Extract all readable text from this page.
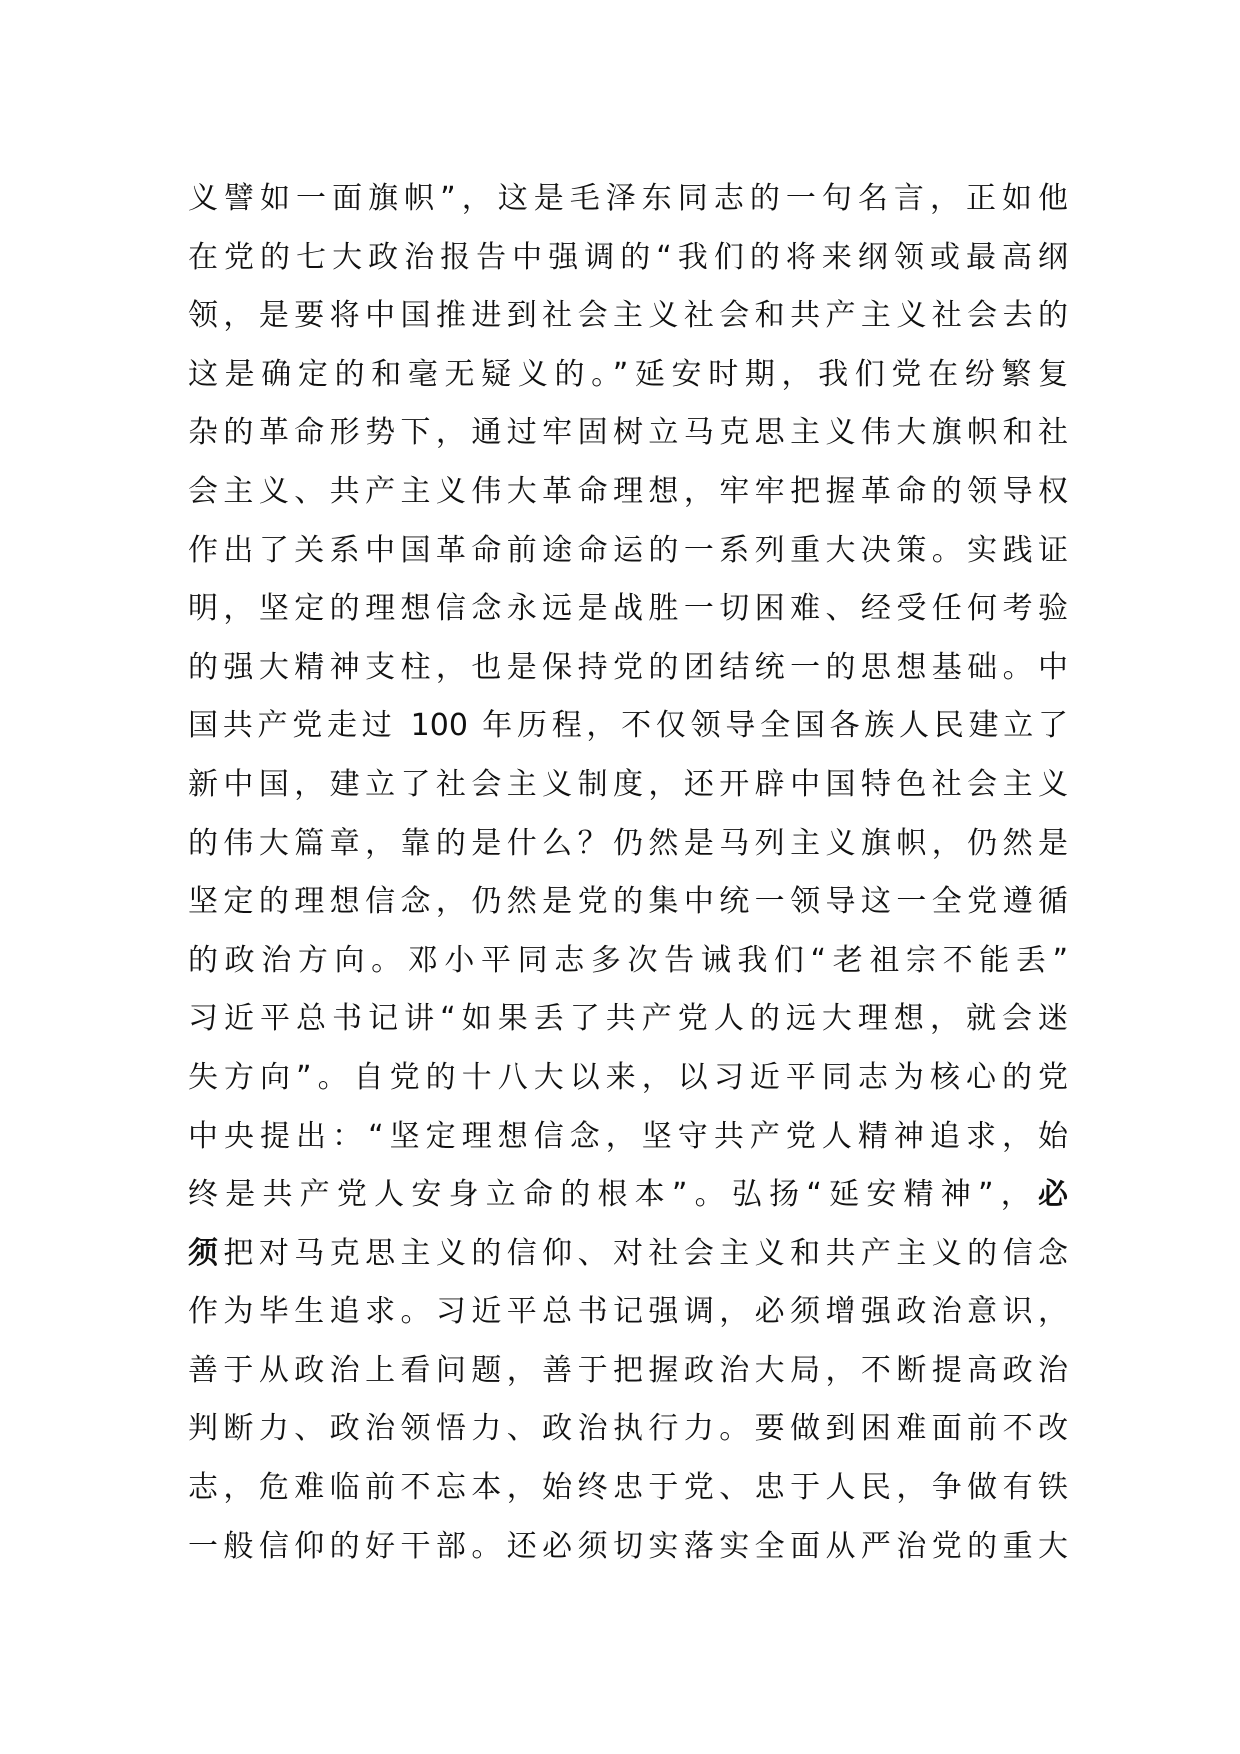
义譬如一面旗帜”，这是毛泽东同志的一句名言，正如他
在党的七大政治报告中强调的“我们的将来纲领或最高纲
领，是要将中国推进到社会主义社会和共产主义社会去的
这是确定的和毫无疑义的。”延安时期，我们党在纷繁复
杂的革命形势下，通过牢固树立马克思主义伟大旗帜和社
会主义、共产主义伟大革命理想，牢牢把握革命的领导权
作出了关系中国革命前途命运的一系列重大决策。实践证
明，坚定的理想信念永远是战胜一切困难、经受任何考验
的强大精神支柱，也是保持党的团结统一的思想基础。中
国共产党走过 100 年历程，不仅领导全国各族人民建立了
新中国，建立了社会主义制度，还开辟中国特色社会主义
的伟大篇章，靠的是什么？仍然是马列主义旗帜，仍然是
坚定的理想信念，仍然是党的集中统一领导这一全党遵循
的政治方向。邓小平同志多次告诫我们“老祖宗不能丢”
习近平总书记讲“如果丢了共产党人的远大理想，就会迷
失方向”。自党的十八大以来，以习近平同志为核心的党
中央提出：“坚定理想信念，坚守共产党人精神追求，始
终是共产党人安身立命的根本”。弘扬“延安精神”，必
须把对马克思主义的信仰、对社会主义和共产主义的信念
作为毕生追求。习近平总书记强调，必须增强政治意识，
善于从政治上看问题，善于把握政治大局，不断提高政治
判断力、政治领悟力、政治执行力。要做到困难面前不改
志，危难临前不忘本，始终忠于党、忠于人民，争做有铁
一般信仰的好干部。还必须切实落实全面从严治党的重大
